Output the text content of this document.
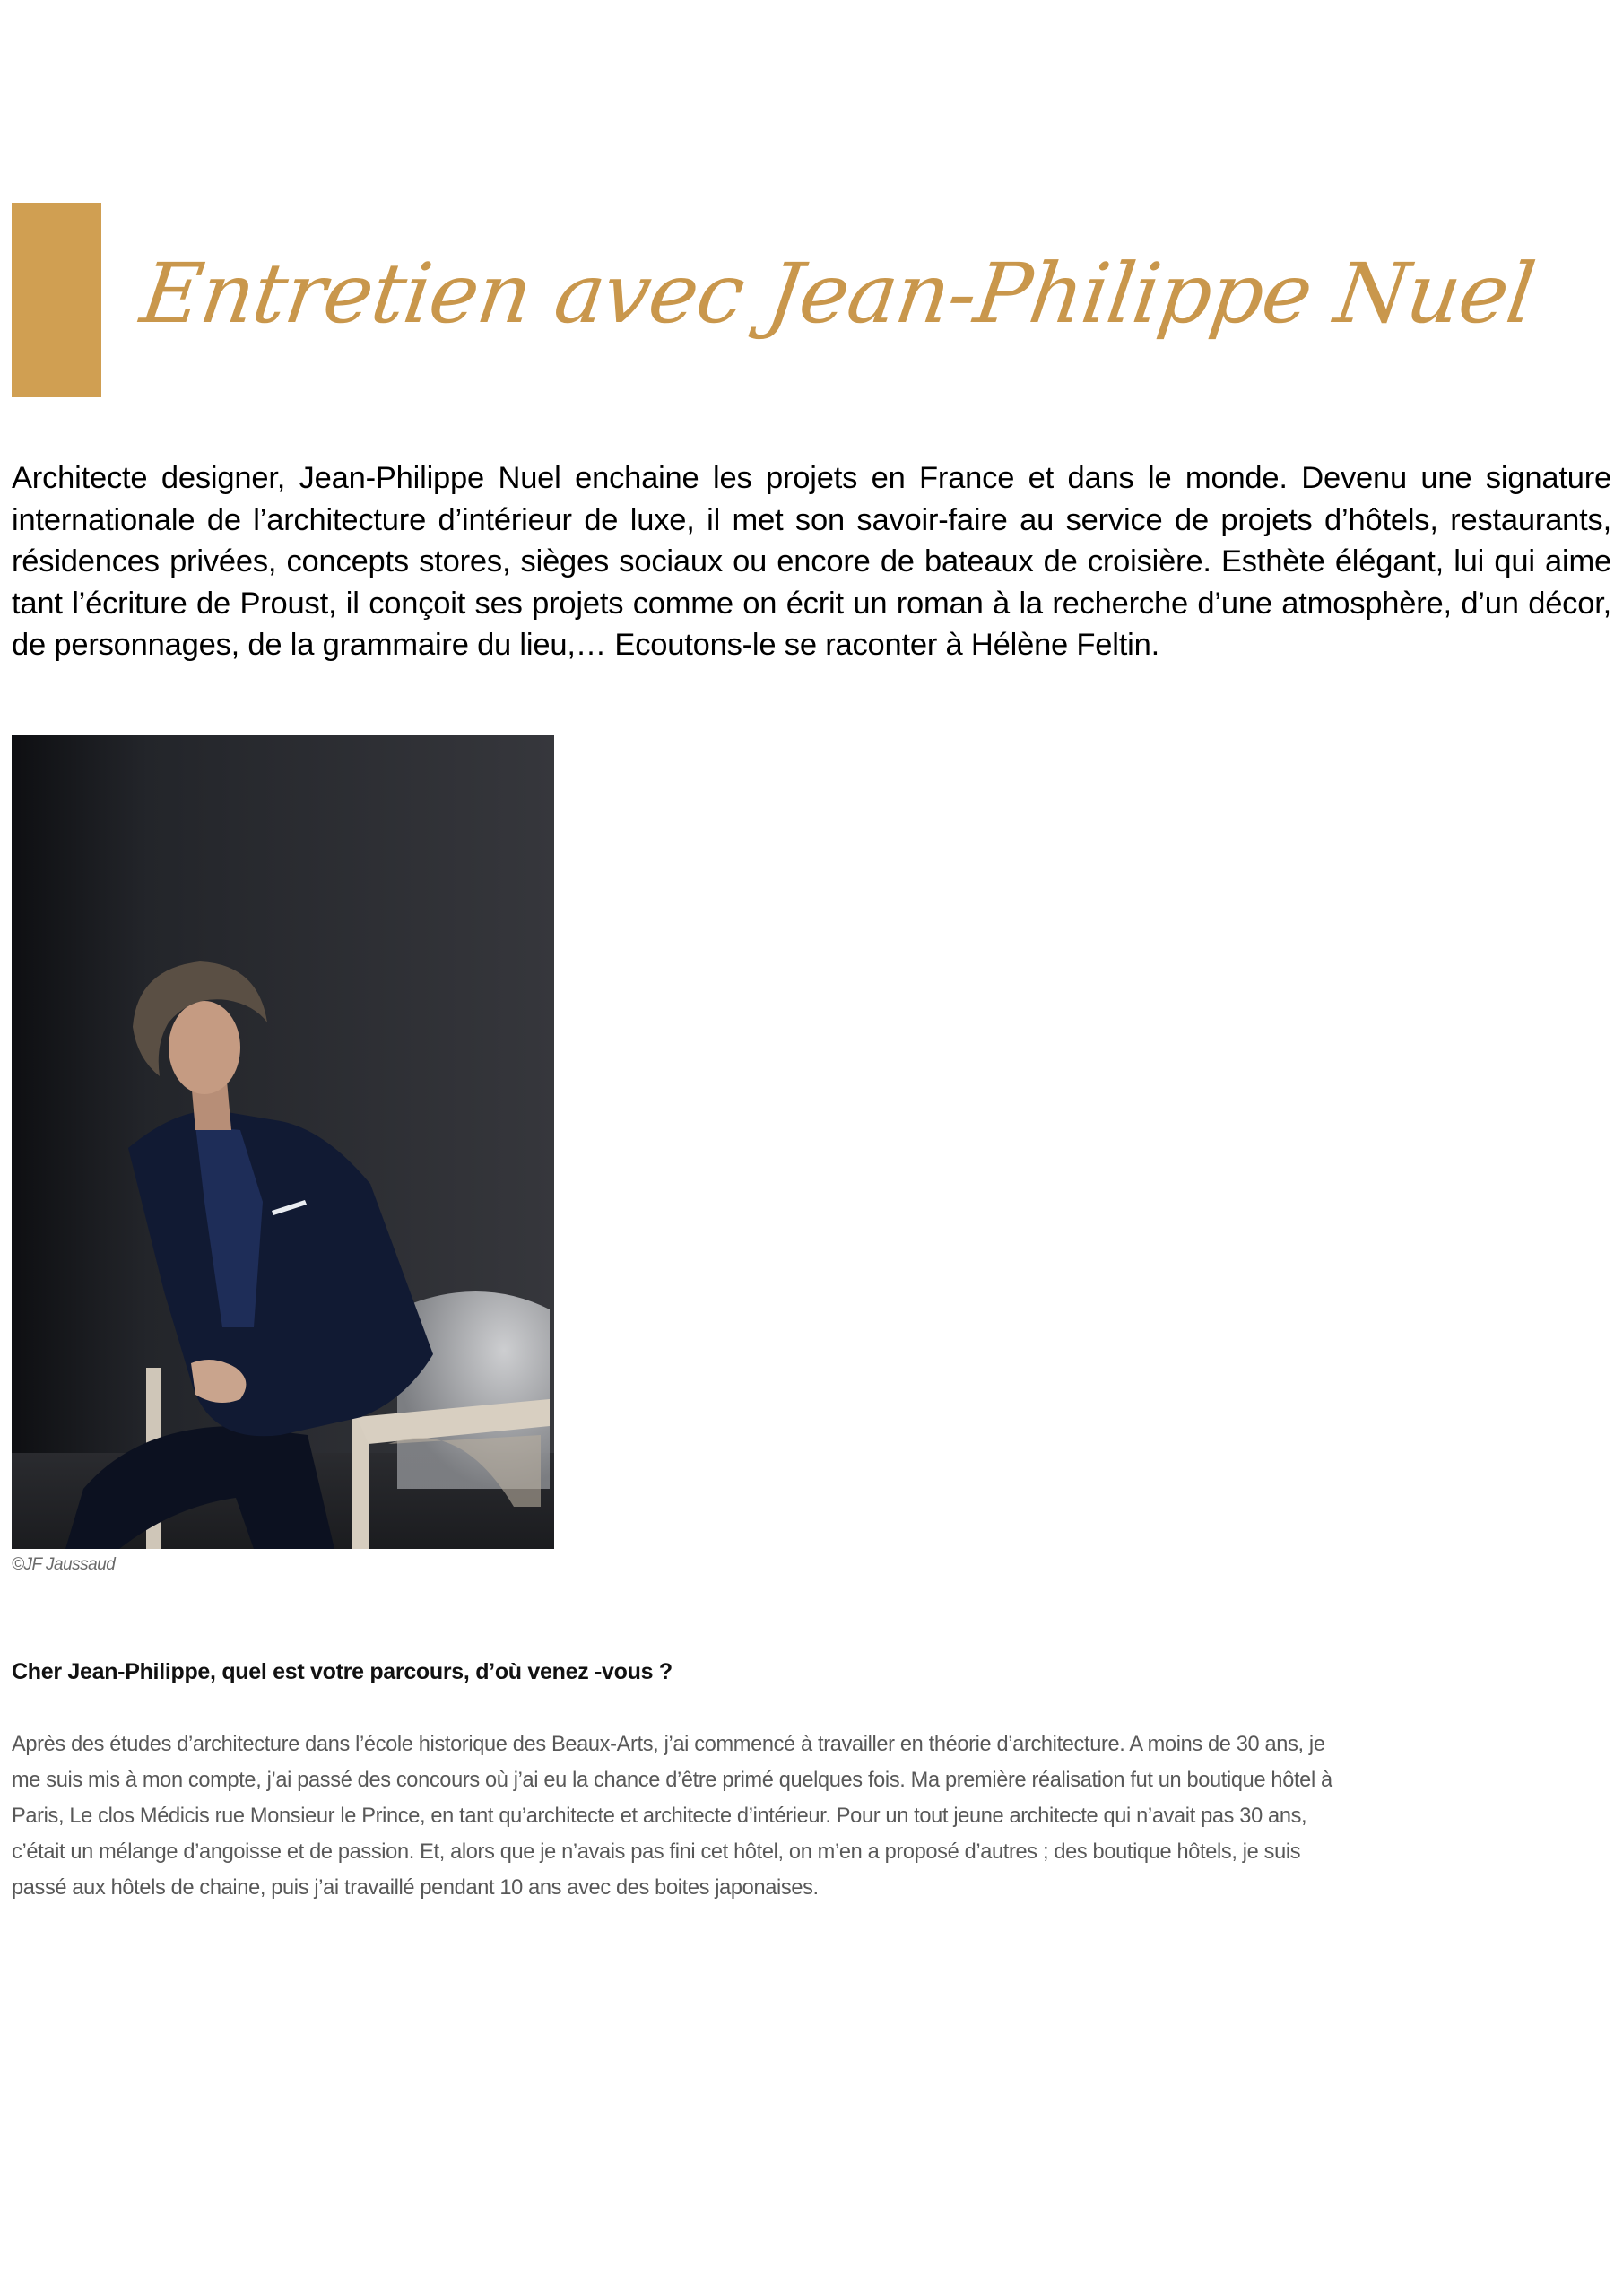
Entretien avec Jean-Philippe Nuel

Architecte designer, Jean-Philippe Nuel enchaine les projets en France et dans le monde. Devenu une signature internationale de l’architecture d’intérieur de luxe, il met son savoir-faire au service de projets d’hôtels, restaurants, résidences privées, concepts stores, sièges sociaux ou encore de bateaux de croisière. Esthète élégant, lui qui aime tant l’écriture de Proust, il conçoit ses projets comme on écrit un roman à la recherche d’une atmosphère, d’un décor, de personnages, de la grammaire du lieu,… Ecoutons-le se raconter à Hélène Feltin.

©JF Jaussaud
Cher Jean-Philippe, quel est votre parcours, d’où venez -vous ?
Après des études d’architecture dans l’école historique des Beaux-Arts, j’ai commencé à travailler en théorie d’architecture. A moins de 30 ans, je
me suis mis à mon compte, j’ai passé des concours où j’ai eu la chance d’être primé quelques fois. Ma première réalisation fut un boutique hôtel à
Paris, Le clos Médicis rue Monsieur le Prince, en tant qu’architecte et architecte d’intérieur. Pour un tout jeune architecte qui n’avait pas 30 ans,
c’était un mélange d’angoisse et de passion. Et, alors que je n’avais pas fini cet hôtel, on m’en a proposé d’autres ; des boutique hôtels, je suis
passé aux hôtels de chaine, puis j’ai travaillé pendant 10 ans avec des boites japonaises.
